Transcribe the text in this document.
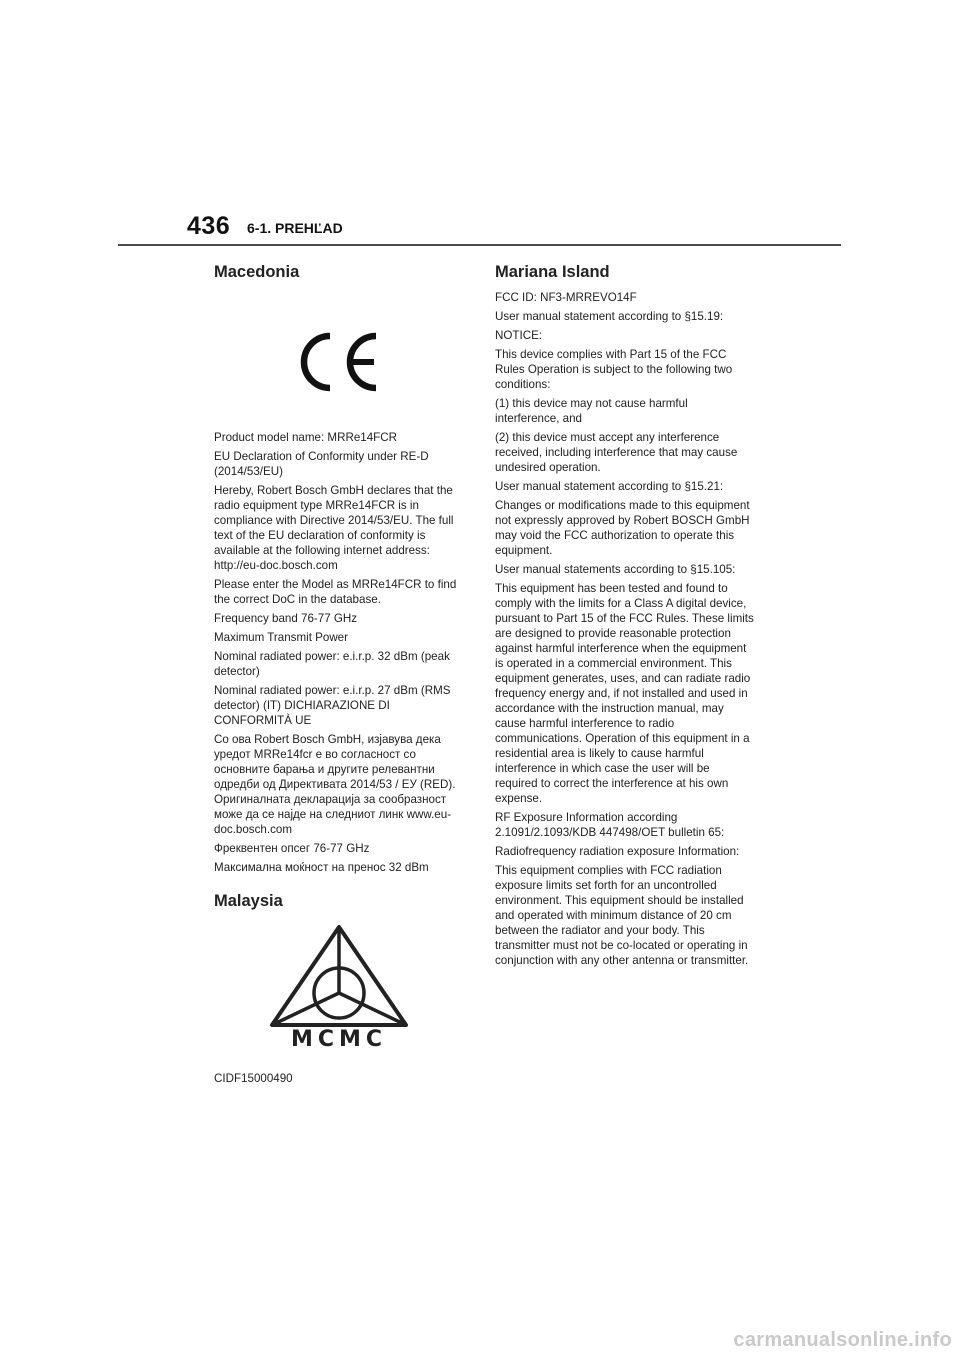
436 6-1. PREHĽAD
Macedonia

Product model name: MRRe14FCR

EU Declaration of Conformity under RE-D (2014/53/EU)

Hereby, Robert Bosch GmbH declares that the radio equipment type MRRe14FCR is in compliance with Directive 2014/53/EU. The full text of the EU declaration of conformity is available at the following internet address: http://eu-doc.bosch.com

Please enter the Model as MRRe14FCR to find the correct DoC in the database.

Frequency band 76-77 GHz

Maximum Transmit Power

Nominal radiated power: e.i.r.p. 32 dBm (peak detector)

Nominal radiated power: e.i.r.p. 27 dBm (RMS detector) (IT) DICHIARAZIONE DI CONFORMITÀ UE

Со ова Robert Bosch GmbH, изјавува дека уредот MRRe14fcr е во согласност со основните барања и другите релевантни одредби од Директивата 2014/53 / ЕУ (RED). Оригиналната декларација за сообразност може да се најде на следниот линк www.eu-doc.bosch.com

Фреквентен опсег 76-77 GHz

Максимална моќност на пренос 32 dBm

Malaysia
MCMC

CIDF15000490

Mariana Island

FCC ID: NF3-MRREVO14F

User manual statement according to §15.19:

NOTICE:

This device complies with Part 15 of the FCC Rules Operation is subject to the following two conditions:

(1) this device may not cause harmful interference, and

(2) this device must accept any interference received, including interference that may cause undesired operation.

User manual statement according to §15.21:

Changes or modifications made to this equipment not expressly approved by Robert BOSCH GmbH may void the FCC authorization to operate this equipment.

User manual statements according to §15.105:

This equipment has been tested and found to comply with the limits for a Class A digital device, pursuant to Part 15 of the FCC Rules. These limits are designed to provide reasonable protection against harmful interference when the equipment is operated in a commercial environment. This equipment generates, uses, and can radiate radio frequency energy and, if not installed and used in accordance with the instruction manual, may cause harmful interference to radio communications. Operation of this equipment in a residential area is likely to cause harmful interference in which case the user will be required to correct the interference at his own expense.

RF Exposure Information according 2.1091/2.1093/KDB 447498/OET bulletin 65:

Radiofrequency radiation exposure Information:

This equipment complies with FCC radiation exposure limits set forth for an uncontrolled environment. This equipment should be installed and operated with minimum distance of 20 cm between the radiator and your body. This transmitter must not be co-located or operating in conjunction with any other antenna or transmitter.

carmanualsonline.info
